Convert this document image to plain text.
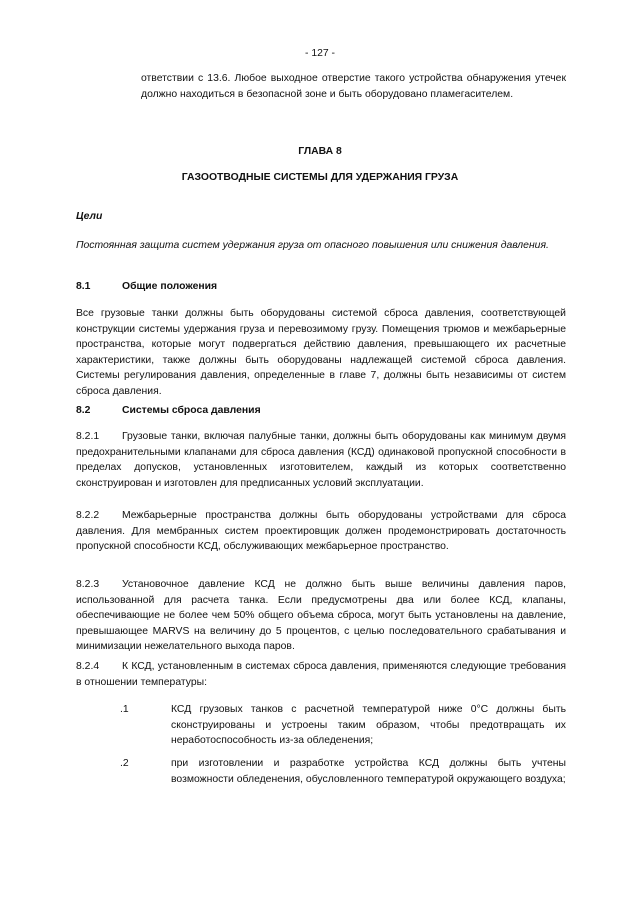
- 127 -
ответствии с 13.6. Любое выходное отверстие такого устройства обнаружения утечек должно находиться в безопасной зоне и быть оборудовано пламегасителем.
ГЛАВА 8
ГАЗООТВОДНЫЕ СИСТЕМЫ ДЛЯ УДЕРЖАНИЯ ГРУЗА
Цели
Постоянная защита систем удержания груза от опасного повышения или снижения давления.
8.1	Общие положения
Все грузовые танки должны быть оборудованы системой сброса давления, соответствующей конструкции системы удержания груза и перевозимому грузу. Помещения трюмов и межбарьерные пространства, которые могут подвергаться действию давления, превышающего их расчетные характеристики, также должны быть оборудованы надлежащей системой сброса давления. Системы регулирования давления, определенные в главе 7, должны быть независимы от систем сброса давления.
8.2	Системы сброса давления
8.2.1 Грузовые танки, включая палубные танки, должны быть оборудованы как минимум двумя предохранительными клапанами для сброса давления (КСД) одинаковой пропускной способности в пределах допусков, установленных изготовителем, каждый из которых соответственно сконструирован и изготовлен для предписанных условий эксплуатации.
8.2.2 Межбарьерные пространства должны быть оборудованы устройствами для сброса давления. Для мембранных систем проектировщик должен продемонстрировать достаточность пропускной способности КСД, обслуживающих межбарьерное пространство.
8.2.3 Установочное давление КСД не должно быть выше величины давления паров, использованной для расчета танка. Если предусмотрены два или более КСД, клапаны, обеспечивающие не более чем 50% общего объема сброса, могут быть установлены на давление, превышающее MARVS на величину до 5 процентов, с целью последовательного срабатывания и минимизации нежелательного выхода паров.
8.2.4 К КСД, установленным в системах сброса давления, применяются следующие требования в отношении температуры:
.1	КСД грузовых танков с расчетной температурой ниже 0°C должны быть сконструированы и устроены таким образом, чтобы предотвращать их неработоспособность из-за обледенения;
.2	при изготовлении и разработке устройства КСД должны быть учтены возможности обледенения, обусловленного температурой окружающего воздуха;
